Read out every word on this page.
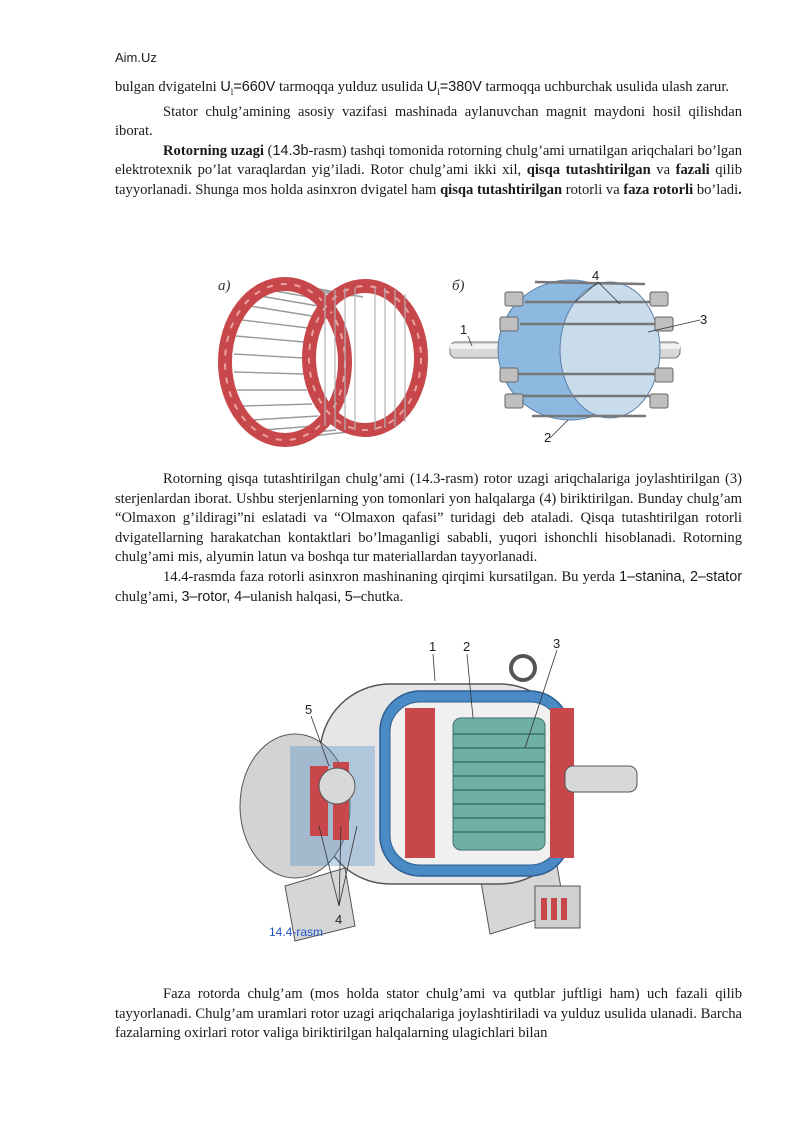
Aim.Uz

bulgan dvigatelni $U_l=660V$ tarmoqqa yulduz usulida $U_l=380V$ tarmoqqa uchburchak usulida ulash zarur.

Stator chulg’amining asosiy vazifasi mashinada aylanuvchan magnit maydoni hosil qilishdan iborat.

Rotorning uzagi (14.3b-rasm) tashqi tomonida rotorning chulg’ami urnatilgan ariqchalari bo’lgan elektrotexnik po’lat varaqlardan yig’iladi. Rotor chulg’ami ikki xil, qisqa tutashtirilgan va fazali qilib tayyorlanadi. Shunga mos holda asinxron dvigatel ham qisqa tutashtirilgan rotorli va faza rotorli bo’ladi.

a)	б)
4
3
1
2

Rotorning qisqa tutashtirilgan chulg’ami (14.3-rasm) rotor uzagi ariqchalariga joylashtirilgan (3) sterjenlardan iborat. Ushbu sterjenlarning yon tomonlari yon halqalarga (4) biriktirilgan. Bunday chulg’am “Olmaxon g’ildiragi”ni eslatadi va “Olmaxon qafasi” turidagi deb ataladi. Qisqa tutashtirilgan rotorli dvigatellarning harakatchan kontaktlari bo’lmaganligi sababli, yuqori ishonchli hisoblanadi. Rotorning chulg’ami mis, alyumin latun va boshqa tur materiallardan tayyorlanadi.

14.4-rasmda faza rotorli asinxron mashinaning qirqimi kursatilgan. Bu yerda 1–stanina, 2–stator chulg’ami, 3–rotor, 4–ulanish halqasi, 5–chutka.

1 2	3
4
5
14.4-rasm

Faza rotorda chulg’am (mos holda stator chulg’ami va qutblar juftligi ham) uch fazali qilib tayyorlanadi. Chulg’am uramlari rotor uzagi ariqchalariga joylashtiriladi va yulduz usulida ulanadi. Barcha fazalarning oxirlari rotor valiga biriktirilgan halqalarning ulagichlari bilan
